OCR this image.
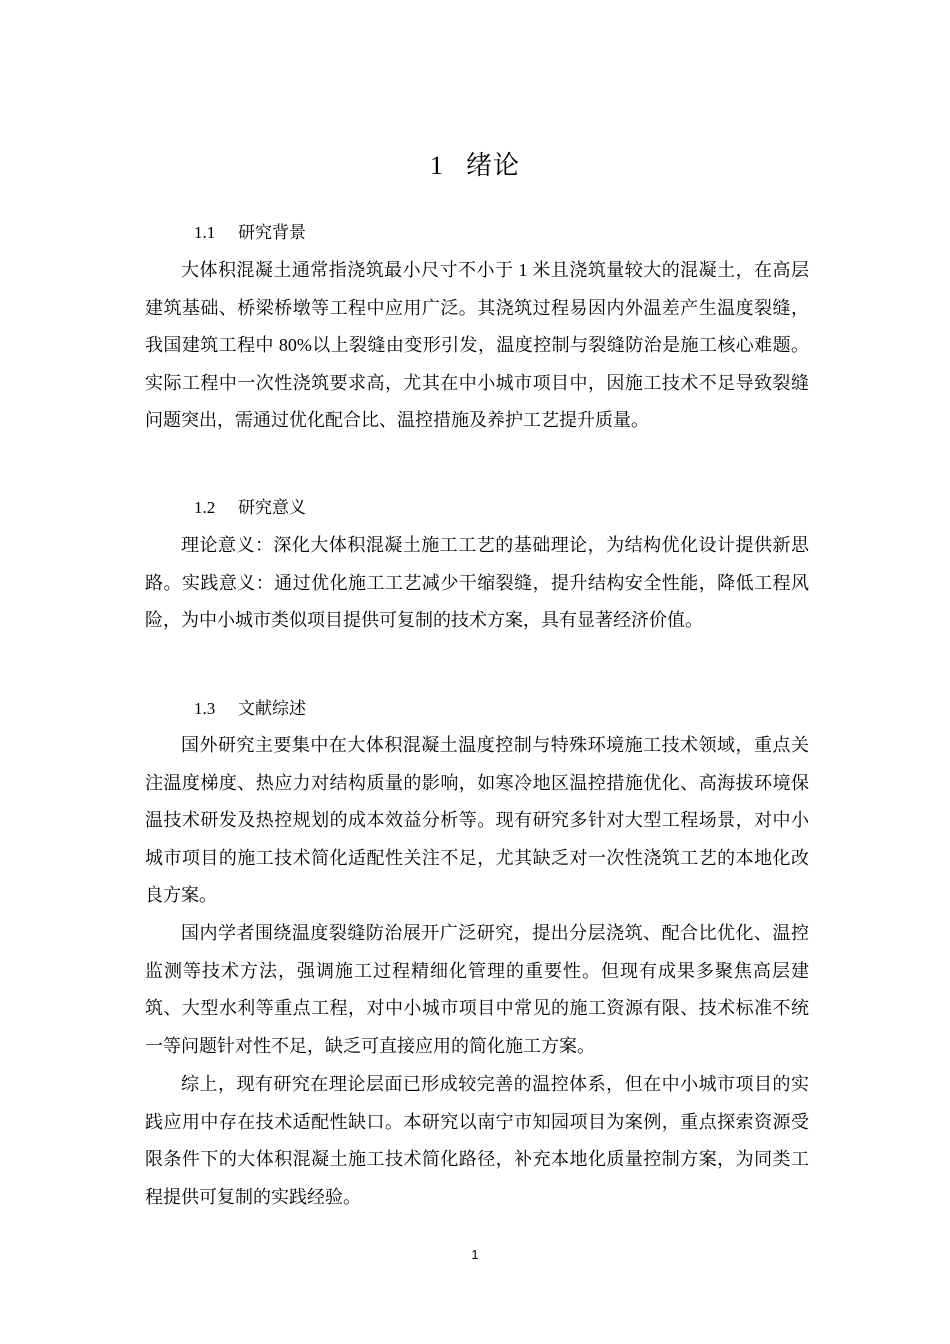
1 绪论
1.1 研究背景

大体积混凝土通常指浇筑最小尺寸不小于 1 米且浇筑量较大的混凝土，在高层建筑基础、桥梁桥墩等工程中应用广泛。其浇筑过程易因内外温差产生温度裂缝，我国建筑工程中 80%以上裂缝由变形引发，温度控制与裂缝防治是施工核心难题。实际工程中一次性浇筑要求高，尤其在中小城市项目中，因施工技术不足导致裂缝问题突出，需通过优化配合比、温控措施及养护工艺提升质量。

1.2 研究意义

理论意义：深化大体积混凝土施工工艺的基础理论，为结构优化设计提供新思路。实践意义：通过优化施工工艺减少干缩裂缝，提升结构安全性能，降低工程风险，为中小城市类似项目提供可复制的技术方案，具有显著经济价值。

1.3 文献综述

国外研究主要集中在大体积混凝土温度控制与特殊环境施工技术领域，重点关注温度梯度、热应力对结构质量的影响，如寒冷地区温控措施优化、高海拔环境保温技术研发及热控规划的成本效益分析等。现有研究多针对大型工程场景，对中小城市项目的施工技术简化适配性关注不足，尤其缺乏对一次性浇筑工艺的本地化改良方案。

国内学者围绕温度裂缝防治展开广泛研究，提出分层浇筑、配合比优化、温控监测等技术方法，强调施工过程精细化管理的重要性。但现有成果多聚焦高层建筑、大型水利等重点工程，对中小城市项目中常见的施工资源有限、技术标准不统一等问题针对性不足，缺乏可直接应用的简化施工方案。

综上，现有研究在理论层面已形成较完善的温控体系，但在中小城市项目的实践应用中存在技术适配性缺口。本研究以南宁市知园项目为案例，重点探索资源受限条件下的大体积混凝土施工技术简化路径，补充本地化质量控制方案，为同类工程提供可复制的实践经验。

1
